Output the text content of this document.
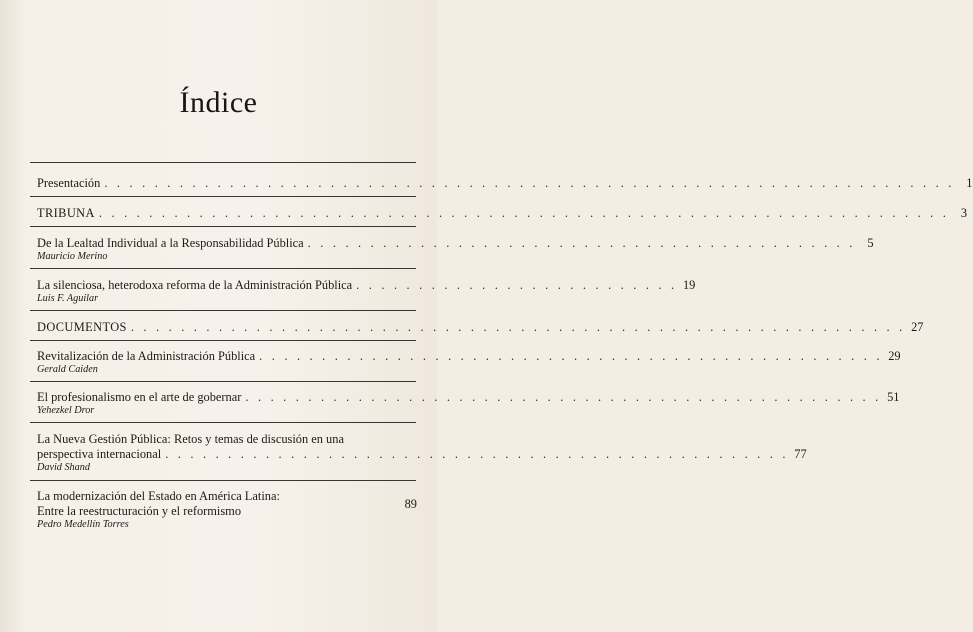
Índice
Presentación . . . . . . . . . . . . . . . . . . . . . . . . . . . . . . . . . . . . . . . . . . . . . . . . . . . . . . . . . . . . . . . . . . . . 1
TRIBUNA . . . . . . . . . . . . . . . . . . . . . . . . . . . . . . . . . . . . . . . . . . . . . . . . . . . . . . . . . . . . . . . . . . . . 3
De la Lealtad Individual a la Responsabilidad Pública . . . . . . . . . . . . . . . . . . . . . . . . . . . . . . . . . . . . . . . . . . . . 5
Mauricio Merino
La silenciosa, heterodoxa reforma de la Administración Pública . . . . . . . . . . . . . . . . . . . . . . . . . . 19
Luis F. Aguilar
DOCUMENTOS . . . . . . . . . . . . . . . . . . . . . . . . . . . . . . . . . . . . . . . . . . . . . . . . . . . . . . . . . . . . . . 27
Revitalización de la Administración Pública . . . . . . . . . . . . . . . . . . . . . . . . . . . . . . . . . . . . . . . . . . . . . . . . . . 29
Gerald Caiden
El profesionalismo en el arte de gobernar . . . . . . . . . . . . . . . . . . . . . . . . . . . . . . . . . . . . . . . . . . . . . . . . . . . 51
Yehezkel Dror
La Nueva Gestión Pública: Retos y temas de discusión en una
perspectiva internacional . . . . . . . . . . . . . . . . . . . . . . . . . . . . . . . . . . . . . . . . . . . . . . . . . . 77
David Shand
La modernización del Estado en América Latina:
Entre la reestructuración y el reformismo	89
Pedro Medellín Torres
